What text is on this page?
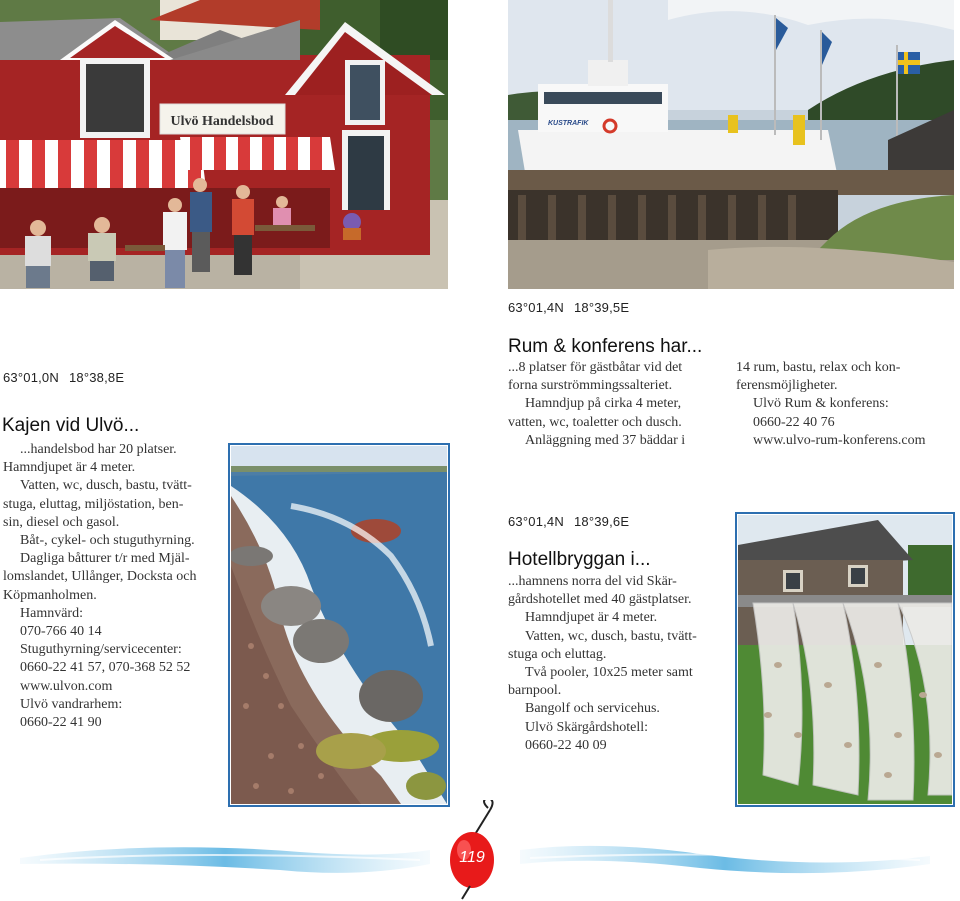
Ulvö Handelsbod	KUSTRAFIK
63°01,4N 18°39,5E
63°01,0N 18°38,8E
Kajen vid Ulvö...

...handelsbod har 20 platser.

Hamndjupet är 4 meter.

Vatten, wc, dusch, bastu, tvätt-

stuga, eluttag, miljöstation, ben-

sin, diesel och gasol.

Båt-, cykel- och stuguthyrning.

Dagliga båtturer t/r med Mjäl-

lomslandet, Ullånger, Docksta och

Köpmanholmen.

Hamnvärd:

070-766 40 14

Stuguthyrning/servicecenter:

0660-22 41 57, 070-368 52 52

www.ulvon.com

Ulvö vandrarhem:

0660-22 41 90

Rum & konferens har...

...8 platser för gästbåtar vid det

forna surströmmingssalteriet.

Hamndjup på cirka 4 meter,

vatten, wc, toaletter och dusch.

Anläggning med 37 bäddar i

14 rum, bastu, relax och kon-

ferensmöjligheter.

Ulvö Rum & konferens:

0660-22 40 76

www.ulvo-rum-konferens.com

63°01,4N 18°39,6E
Hotellbryggan i...

...hamnens norra del vid Skär-

gårdshotellet med 40 gästplatser.

Hamndjupet är 4 meter.

Vatten, wc, dusch, bastu, tvätt-

stuga och eluttag.

Två pooler, 10x25 meter samt

barnpool.

Bangolf och servicehus.

Ulvö Skärgårdshotell:

0660-22 40 09

119
